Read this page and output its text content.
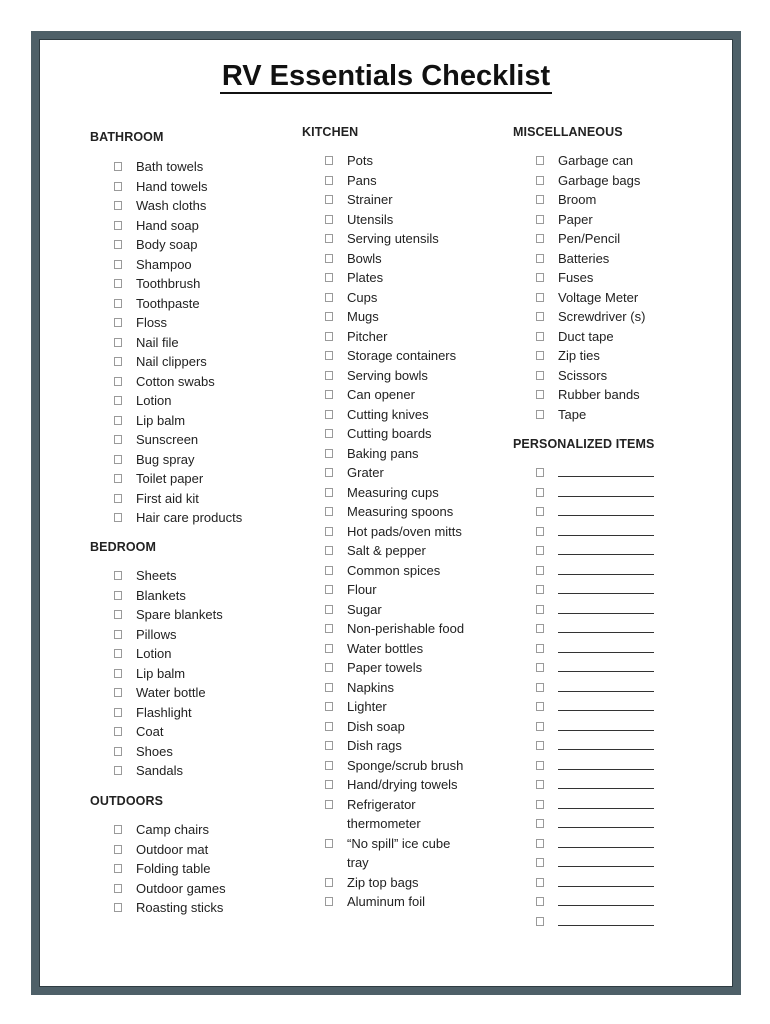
RV Essentials Checklist
BATHROOM
Bath towels
Hand towels
Wash cloths
Hand soap
Body soap
Shampoo
Toothbrush
Toothpaste
Floss
Nail file
Nail clippers
Cotton swabs
Lotion
Lip balm
Sunscreen
Bug spray
Toilet paper
First aid kit
Hair care products
BEDROOM
Sheets
Blankets
Spare blankets
Pillows
Lotion
Lip balm
Water bottle
Flashlight
Coat
Shoes
Sandals
OUTDOORS
Camp chairs
Outdoor mat
Folding table
Outdoor games
Roasting sticks
KITCHEN
Pots
Pans
Strainer
Utensils
Serving utensils
Bowls
Plates
Cups
Mugs
Pitcher
Storage containers
Serving bowls
Can opener
Cutting knives
Cutting boards
Baking pans
Grater
Measuring cups
Measuring spoons
Hot pads/oven mitts
Salt & pepper
Common spices
Flour
Sugar
Non-perishable food
Water bottles
Paper towels
Napkins
Lighter
Dish soap
Dish rags
Sponge/scrub brush
Hand/drying towels
Refrigerator
thermometer
“No spill” ice cube
tray
Zip top bags
Aluminum foil
MISCELLANEOUS
Garbage can
Garbage bags
Broom
Paper
Pen/Pencil
Batteries
Fuses
Voltage Meter
Screwdriver (s)
Duct tape
Zip ties
Scissors
Rubber bands
Tape
PERSONALIZED ITEMS
